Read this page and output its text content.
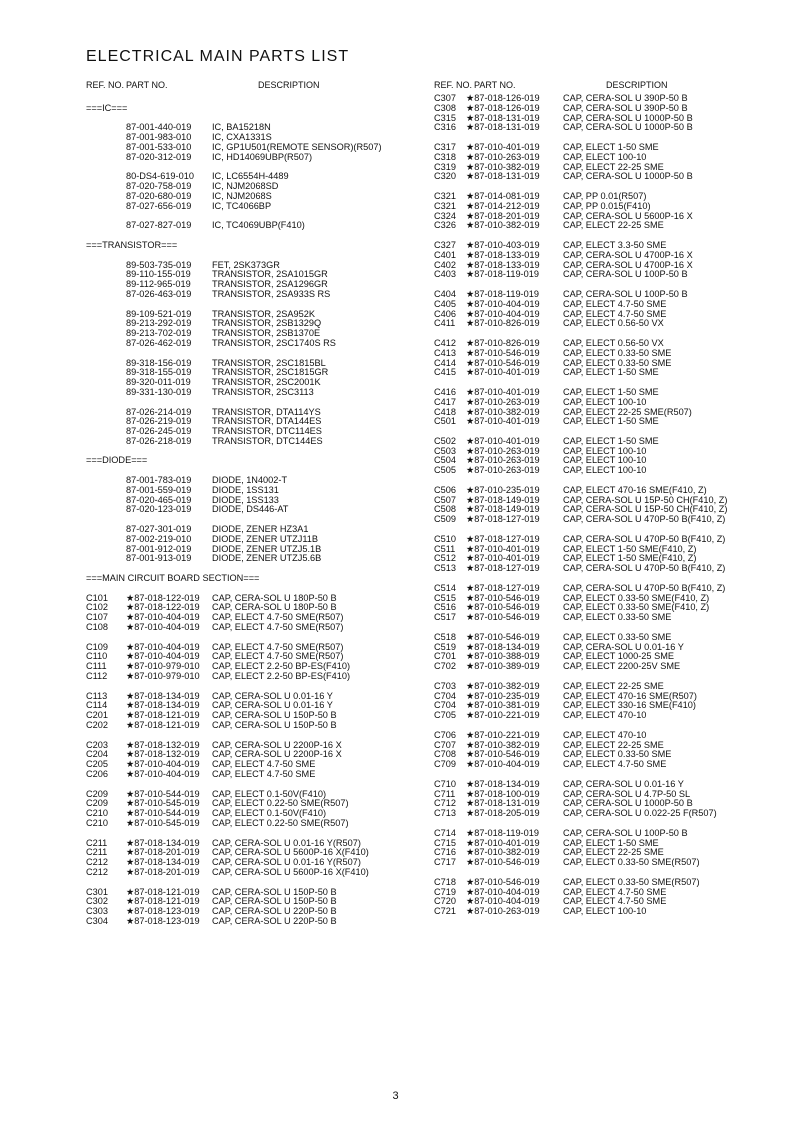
ELECTRICAL MAIN PARTS LIST
REF. NO. PART NO.	DESCRIPTION
===IC===
87-001-440-019 IC, BA15218N
87-001-983-010 IC, CXA1331S
87-001-533-010 IC, GP1U501(REMOTE SENSOR)(R507)
87-020-312-019 IC, HD14069UBP(R507)
80-DS4-619-010 IC, LC6554H-4489
87-020-758-019 IC, NJM2068SD
87-020-680-019 IC, NJM2068S
87-027-656-019 IC, TC4066BP
87-027-827-019 IC, TC4069UBP(F410)
===TRANSISTOR===
89-503-735-019 FET, 2SK373GR
89-110-155-019 TRANSISTOR, 2SA1015GR
89-112-965-019 TRANSISTOR, 2SA1296GR
87-026-463-019 TRANSISTOR, 2SA933S RS
89-109-521-019 TRANSISTOR, 2SA952K
89-213-292-019 TRANSISTOR, 2SB1329Q
89-213-702-019 TRANSISTOR, 2SB1370E
87-026-462-019 TRANSISTOR, 2SC1740S RS
89-318-156-019 TRANSISTOR, 2SC1815BL
89-318-155-019 TRANSISTOR, 2SC1815GR
89-320-011-019 TRANSISTOR, 2SC2001K
89-331-130-019 TRANSISTOR, 2SC3113
87-026-214-019 TRANSISTOR, DTA114YS
87-026-219-019 TRANSISTOR, DTA144ES
87-026-245-019 TRANSISTOR, DTC114ES
87-026-218-019 TRANSISTOR, DTC144ES
===DIODE===
87-001-783-019 DIODE, 1N4002-T
87-001-559-019 DIODE, 1SS131
87-020-465-019 DIODE, 1SS133
87-020-123-019 DIODE, DS446-AT
87-027-301-019 DIODE, ZENER HZ3A1
87-002-219-010 DIODE, ZENER UTZJ11B
87-001-912-019 DIODE, ZENER UTZJ5.1B
87-001-913-019 DIODE, ZENER UTZJ5.6B
===MAIN CIRCUIT BOARD SECTION===
C101 ★87-018-122-019 CAP, CERA-SOL U 180P-50 B
C102 ★87-018-122-019 CAP, CERA-SOL U 180P-50 B
C107 ★87-010-404-019 CAP, ELECT 4.7-50 SME(R507)
C108 ★87-010-404-019 CAP, ELECT 4.7-50 SME(R507)
C109 ★87-010-404-019 CAP, ELECT 4.7-50 SME(R507)
C110 ★87-010-404-019 CAP, ELECT 4.7-50 SME(R507)
C111 ★87-010-979-010 CAP, ELECT 2.2-50 BP-ES(F410)
C112 ★87-010-979-010 CAP, ELECT 2.2-50 BP-ES(F410)
C113 ★87-018-134-019 CAP, CERA-SOL U 0.01-16 Y
C114 ★87-018-134-019 CAP, CERA-SOL U 0.01-16 Y
C201 ★87-018-121-019 CAP, CERA-SOL U 150P-50 B
C202 ★87-018-121-019 CAP, CERA-SOL U 150P-50 B
C203 ★87-018-132-019 CAP, CERA-SOL U 2200P-16 X
C204 ★87-018-132-019 CAP, CERA-SOL U 2200P-16 X
C205 ★87-010-404-019 CAP, ELECT 4.7-50 SME
C206 ★87-010-404-019 CAP, ELECT 4.7-50 SME
C209 ★87-010-544-019 CAP, ELECT 0.1-50V(F410)
C209 ★87-010-545-019 CAP, ELECT 0.22-50 SME(R507)
C210 ★87-010-544-019 CAP, ELECT 0.1-50V(F410)
C210 ★87-010-545-019 CAP, ELECT 0.22-50 SME(R507)
C211 ★87-018-134-019 CAP, CERA-SOL U 0.01-16 Y(R507)
C211 ★87-018-201-019 CAP, CERA-SOL U 5600P-16 X(F410)
C212 ★87-018-134-019 CAP, CERA-SOL U 0.01-16 Y(R507)
C212 ★87-018-201-019 CAP, CERA-SOL U 5600P-16 X(F410)
C301 ★87-018-121-019 CAP, CERA-SOL U 150P-50 B
C302 ★87-018-121-019 CAP, CERA-SOL U 150P-50 B
C303 ★87-018-123-019 CAP, CERA-SOL U 220P-50 B
C304 ★87-018-123-019 CAP, CERA-SOL U 220P-50 B
REF. NO. PART NO.	DESCRIPTION
C307 ★87-018-126-019	CAP, CERA-SOL U 390P-50 B
C308 ★87-018-126-019	CAP, CERA-SOL U 390P-50 B
C315 ★87-018-131-019	CAP, CERA-SOL U 1000P-50 B
C316 ★87-018-131-019	CAP, CERA-SOL U 1000P-50 B
C317 ★87-010-401-019	CAP, ELECT 1-50 SME
C318 ★87-010-263-019	CAP, ELECT 100-10
C319 ★87-010-382-019	CAP, ELECT 22-25 SME
C320 ★87-018-131-019	CAP, CERA-SOL U 1000P-50 B
C321 ★87-014-081-019	CAP, PP 0.01(R507)
C321 ★87-014-212-019	CAP, PP 0.015(F410)
C324 ★87-018-201-019	CAP, CERA-SOL U 5600P-16 X
C326 ★87-010-382-019	CAP, ELECT 22-25 SME
C327 ★87-010-403-019	CAP, ELECT 3.3-50 SME
C401 ★87-018-133-019	CAP, CERA-SOL U 4700P-16 X
C402 ★87-018-133-019	CAP, CERA-SOL U 4700P-16 X
C403 ★87-018-119-019	CAP, CERA-SOL U 100P-50 B
C404 ★87-018-119-019	CAP, CERA-SOL U 100P-50 B
C405 ★87-010-404-019	CAP, ELECT 4.7-50 SME
C406 ★87-010-404-019	CAP, ELECT 4.7-50 SME
C411 ★87-010-826-019	CAP, ELECT 0.56-50 VX
C412 ★87-010-826-019	CAP, ELECT 0.56-50 VX
C413 ★87-010-546-019	CAP, ELECT 0.33-50 SME
C414 ★87-010-546-019	CAP, ELECT 0.33-50 SME
C415 ★87-010-401-019	CAP, ELECT 1-50 SME
C416 ★87-010-401-019	CAP, ELECT 1-50 SME
C417 ★87-010-263-019	CAP, ELECT 100-10
C418 ★87-010-382-019	CAP, ELECT 22-25 SME(R507)
C501 ★87-010-401-019	CAP, ELECT 1-50 SME
C502 ★87-010-401-019	CAP, ELECT 1-50 SME
C503 ★87-010-263-019	CAP, ELECT 100-10
C504 ★87-010-263-019	CAP, ELECT 100-10
C505 ★87-010-263-019	CAP, ELECT 100-10
C506 ★87-010-235-019	CAP, ELECT 470-16 SME(F410, Z)
C507 ★87-018-149-019	CAP, CERA-SOL U 15P-50 CH(F410, Z)
C508 ★87-018-149-019	CAP, CERA-SOL U 15P-50 CH(F410, Z)
C509 ★87-018-127-019	CAP, CERA-SOL U 470P-50 B(F410, Z)
C510 ★87-018-127-019	CAP, CERA-SOL U 470P-50 B(F410, Z)
C511 ★87-010-401-019	CAP, ELECT 1-50 SME(F410, Z)
C512 ★87-010-401-019	CAP, ELECT 1-50 SME(F410, Z)
C513 ★87-018-127-019	CAP, CERA-SOL U 470P-50 B(F410, Z)
C514 ★87-018-127-019	CAP, CERA-SOL U 470P-50 B(F410, Z)
C515 ★87-010-546-019	CAP, ELECT 0.33-50 SME(F410, Z)
C516 ★87-010-546-019	CAP, ELECT 0.33-50 SME(F410, Z)
C517 ★87-010-546-019	CAP, ELECT 0.33-50 SME
C518 ★87-010-546-019	CAP, ELECT 0.33-50 SME
C519 ★87-018-134-019	CAP, CERA-SOL U 0.01-16 Y
C701 ★87-010-388-019	CAP, ELECT 1000-25 SME
C702 ★87-010-389-019	CAP, ELECT 2200-25V SME
C703 ★87-010-382-019	CAP, ELECT 22-25 SME
C704 ★87-010-235-019	CAP, ELECT 470-16 SME(R507)
C704 ★87-010-381-019	CAP, ELECT 330-16 SME(F410)
C705 ★87-010-221-019	CAP, ELECT 470-10
C706 ★87-010-221-019	CAP, ELECT 470-10
C707 ★87-010-382-019	CAP, ELECT 22-25 SME
C708 ★87-010-546-019	CAP, ELECT 0.33-50 SME
C709 ★87-010-404-019	CAP, ELECT 4.7-50 SME
C710 ★87-018-134-019	CAP, CERA-SOL U 0.01-16 Y
C711 ★87-018-100-019	CAP, CERA-SOL U 4.7P-50 SL
C712 ★87-018-131-019	CAP, CERA-SOL U 1000P-50 B
C713 ★87-018-205-019	CAP, CERA-SOL U 0.022-25 F(R507)
C714 ★87-018-119-019	CAP, CERA-SOL U 100P-50 B
C715 ★87-010-401-019	CAP, ELECT 1-50 SME
C716 ★87-010-382-019	CAP, ELECT 22-25 SME
C717 ★87-010-546-019	CAP, ELECT 0.33-50 SME(R507)
C718 ★87-010-546-019	CAP, ELECT 0.33-50 SME(R507)
C719 ★87-010-404-019	CAP, ELECT 4.7-50 SME
C720 ★87-010-404-019	CAP, ELECT 4.7-50 SME
C721 ★87-010-263-019	CAP, ELECT 100-10
3
